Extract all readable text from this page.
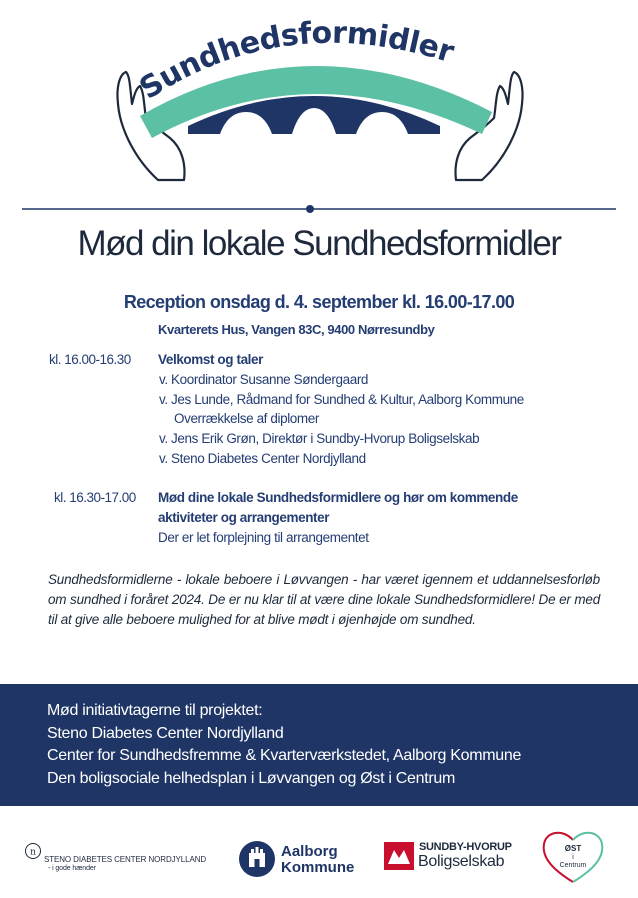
Sundhedsformidler
Mød din lokale Sundhedsformidler
Reception onsdag d. 4. september kl. 16.00-17.00
Kvarterets Hus, Vangen 83C, 9400 Nørresundby
kl. 16.00-16.30 Velkomst og taler
v. Koordinator Susanne Søndergaard
v. Jes Lunde, Rådmand for Sundhed & Kultur, Aalborg Kommune
Overrækkelse af diplomer
v. Jens Erik Grøn, Direktør i Sundby-Hvorup Boligselskab
v. Steno Diabetes Center Nordjylland
kl. 16.30-17.00 Mød dine lokale Sundhedsformidlere og hør om kommende aktiviteter og arrangementer
Der er let forplejning til arrangementet
Sundhedsformidlerne - lokale beboere i Løvvangen - har været igennem et uddannelsesforløb om sundhed i foråret 2024. De er nu klar til at være dine lokale Sundhedsformidlere! De er med til at give alle beboere mulighed for at blive mødt i øjenhøjde om sundhed.
Mød initiativtagerne til projektet:
Steno Diabetes Center Nordjylland
Center for Sundhedsfremme & Kvarterværkstedet, Aalborg Kommune
Den boligsociale helhedsplan i Løvvangen og Øst i Centrum
n
STENO DIABETES CENTER NORDJYLLAND
- i gode hænder
Aalborg
Kommune
SUNDBY-HVORUP
Boligselskab
ØST
i
Centrum
